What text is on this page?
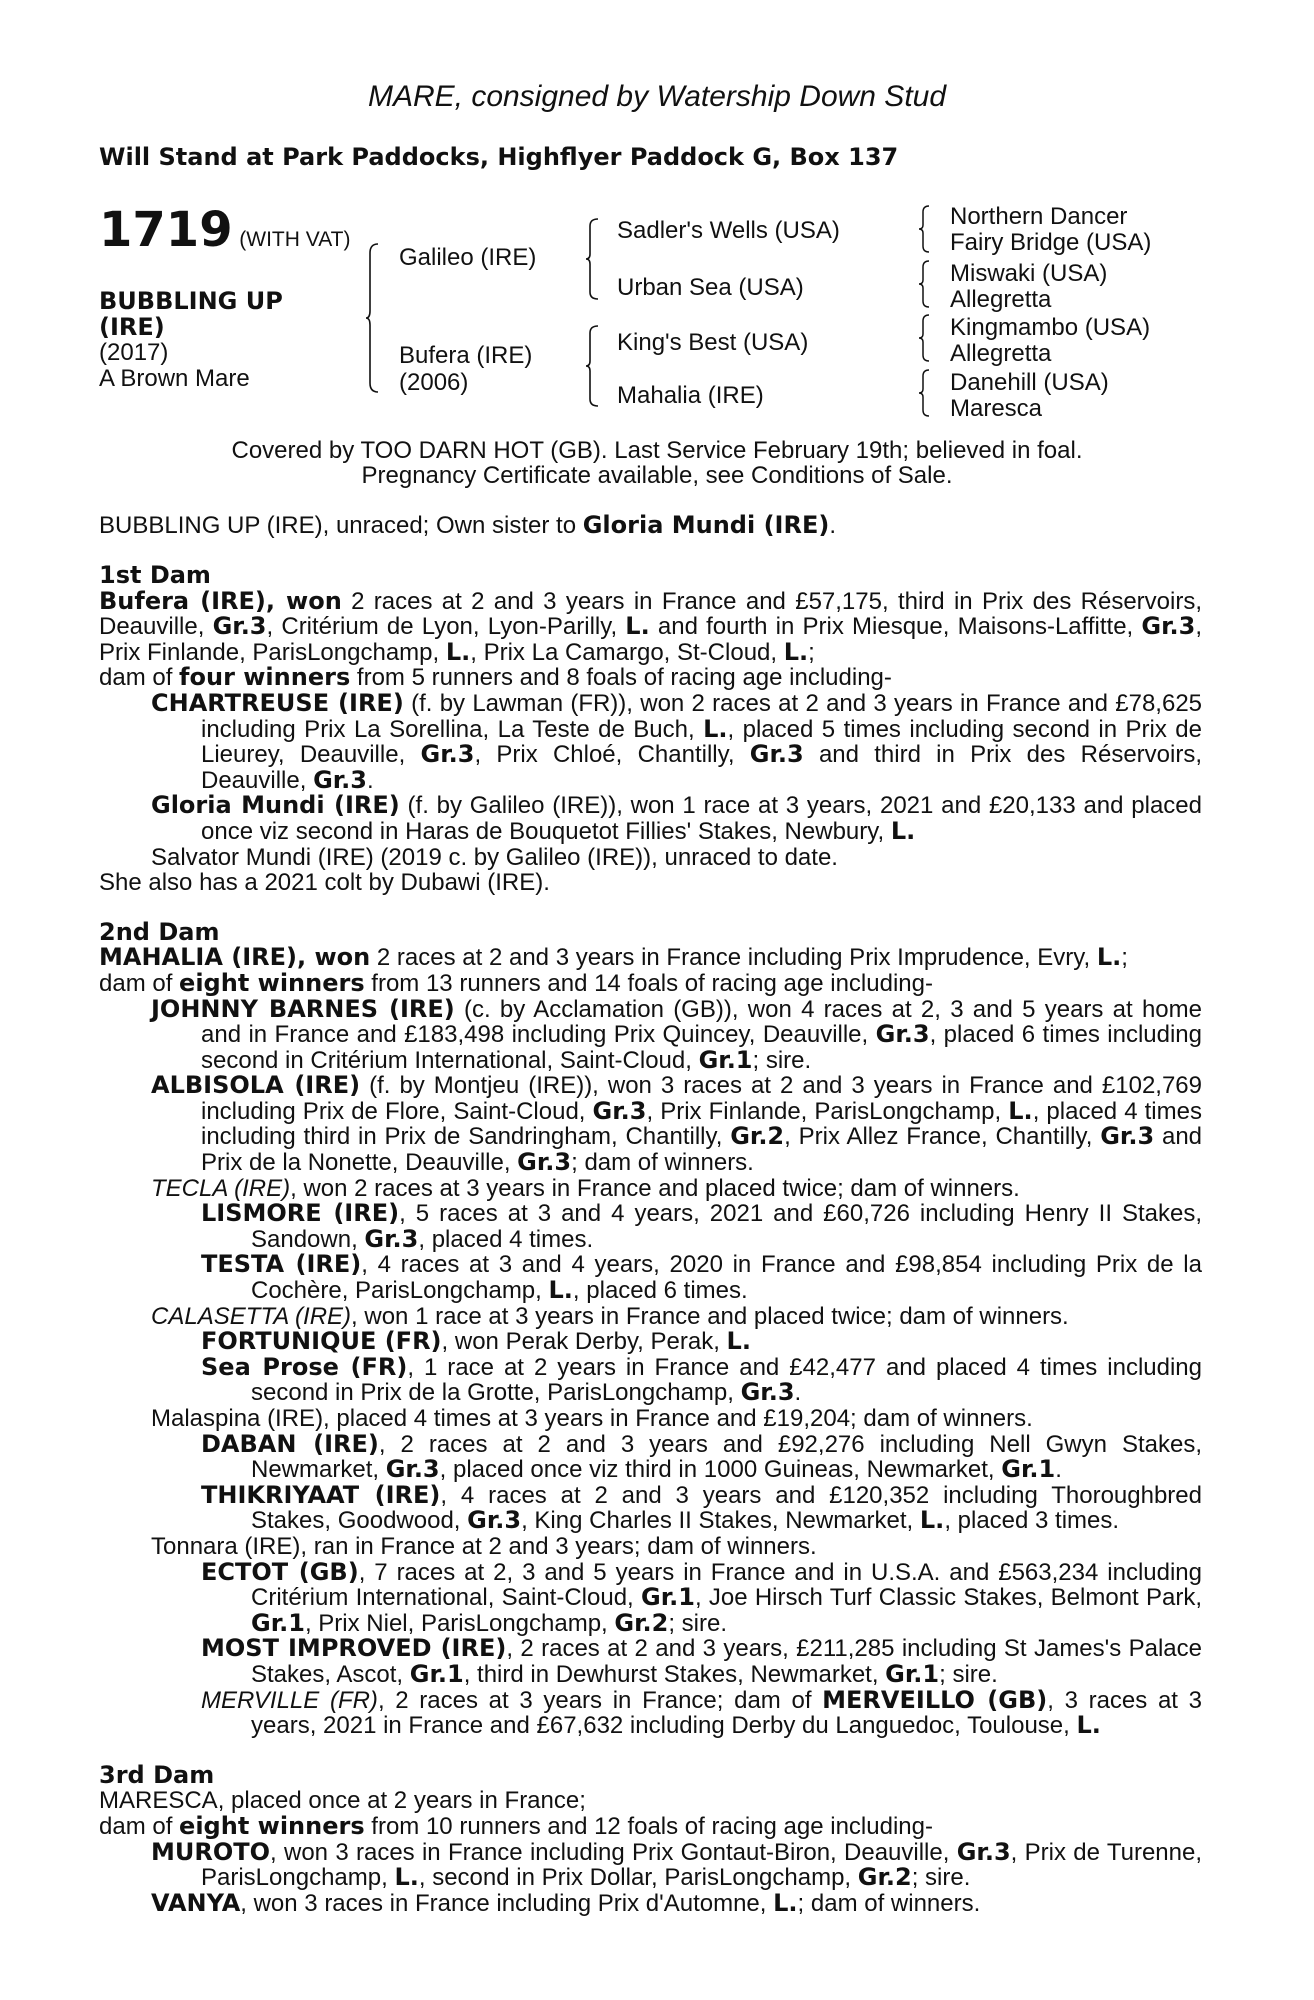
MARE, consigned by Watership Down Stud
Will Stand at Park Paddocks, Highflyer Paddock G, Box 137
1719 (WITH VAT)
BUBBLING UP
(IRE)
(2017)
A Brown Mare
Galileo (IRE)
Bufera (IRE)
(2006)
Sadler's Wells (USA)
Urban Sea (USA)
King's Best (USA)
Mahalia (IRE)
Northern Dancer
Fairy Bridge (USA)
Miswaki (USA)
Allegretta
Kingmambo (USA)
Allegretta
Danehill (USA)
Maresca
Covered by TOO DARN HOT (GB). Last Service February 19th; believed in foal.
Pregnancy Certificate available, see Conditions of Sale.
BUBBLING UP (IRE), unraced; Own sister to Gloria Mundi (IRE).

1st Dam

Bufera (IRE), won 2 races at 2 and 3 years in France and £57,175, third in Prix des Réservoirs, Deauville, Gr.3, Critérium de Lyon, Lyon-Parilly, L. and fourth in Prix Miesque, Maisons-Laffitte, Gr.3, Prix Finlande, ParisLongchamp, L., Prix La Camargo, St-Cloud, L.;

dam of four winners from 5 runners and 8 foals of racing age including-

CHARTREUSE (IRE) (f. by Lawman (FR)), won 2 races at 2 and 3 years in France and £78,625 including Prix La Sorellina, La Teste de Buch, L., placed 5 times including second in Prix de Lieurey, Deauville, Gr.3, Prix Chloé, Chantilly, Gr.3 and third in Prix des Réservoirs, Deauville, Gr.3.

Gloria Mundi (IRE) (f. by Galileo (IRE)), won 1 race at 3 years, 2021 and £20,133 and placed once viz second in Haras de Bouquetot Fillies' Stakes, Newbury, L.

Salvator Mundi (IRE) (2019 c. by Galileo (IRE)), unraced to date.

She also has a 2021 colt by Dubawi (IRE).

2nd Dam

MAHALIA (IRE), won 2 races at 2 and 3 years in France including Prix Imprudence, Evry, L.;

dam of eight winners from 13 runners and 14 foals of racing age including-

JOHNNY BARNES (IRE) (c. by Acclamation (GB)), won 4 races at 2, 3 and 5 years at home and in France and £183,498 including Prix Quincey, Deauville, Gr.3, placed 6 times including second in Critérium International, Saint-Cloud, Gr.1; sire.

ALBISOLA (IRE) (f. by Montjeu (IRE)), won 3 races at 2 and 3 years in France and £102,769 including Prix de Flore, Saint-Cloud, Gr.3, Prix Finlande, ParisLongchamp, L., placed 4 times including third in Prix de Sandringham, Chantilly, Gr.2, Prix Allez France, Chantilly, Gr.3 and Prix de la Nonette, Deauville, Gr.3; dam of winners.

TECLA (IRE), won 2 races at 3 years in France and placed twice; dam of winners.

LISMORE (IRE), 5 races at 3 and 4 years, 2021 and £60,726 including Henry II Stakes, Sandown, Gr.3, placed 4 times.

TESTA (IRE), 4 races at 3 and 4 years, 2020 in France and £98,854 including Prix de la Cochère, ParisLongchamp, L., placed 6 times.

CALASETTA (IRE), won 1 race at 3 years in France and placed twice; dam of winners.

FORTUNIQUE (FR), won Perak Derby, Perak, L.

Sea Prose (FR), 1 race at 2 years in France and £42,477 and placed 4 times including second in Prix de la Grotte, ParisLongchamp, Gr.3.

Malaspina (IRE), placed 4 times at 3 years in France and £19,204; dam of winners.

DABAN (IRE), 2 races at 2 and 3 years and £92,276 including Nell Gwyn Stakes, Newmarket, Gr.3, placed once viz third in 1000 Guineas, Newmarket, Gr.1.

THIKRIYAAT (IRE), 4 races at 2 and 3 years and £120,352 including Thoroughbred Stakes, Goodwood, Gr.3, King Charles II Stakes, Newmarket, L., placed 3 times.

Tonnara (IRE), ran in France at 2 and 3 years; dam of winners.

ECTOT (GB), 7 races at 2, 3 and 5 years in France and in U.S.A. and £563,234 including Critérium International, Saint-Cloud, Gr.1, Joe Hirsch Turf Classic Stakes, Belmont Park, Gr.1, Prix Niel, ParisLongchamp, Gr.2; sire.

MOST IMPROVED (IRE), 2 races at 2 and 3 years, £211,285 including St James's Palace Stakes, Ascot, Gr.1, third in Dewhurst Stakes, Newmarket, Gr.1; sire.

MERVILLE (FR), 2 races at 3 years in France; dam of MERVEILLO (GB), 3 races at 3 years, 2021 in France and £67,632 including Derby du Languedoc, Toulouse, L.

3rd Dam

MARESCA, placed once at 2 years in France;

dam of eight winners from 10 runners and 12 foals of racing age including-

MUROTO, won 3 races in France including Prix Gontaut-Biron, Deauville, Gr.3, Prix de Turenne, ParisLongchamp, L., second in Prix Dollar, ParisLongchamp, Gr.2; sire.

VANYA, won 3 races in France including Prix d'Automne, L.; dam of winners.
